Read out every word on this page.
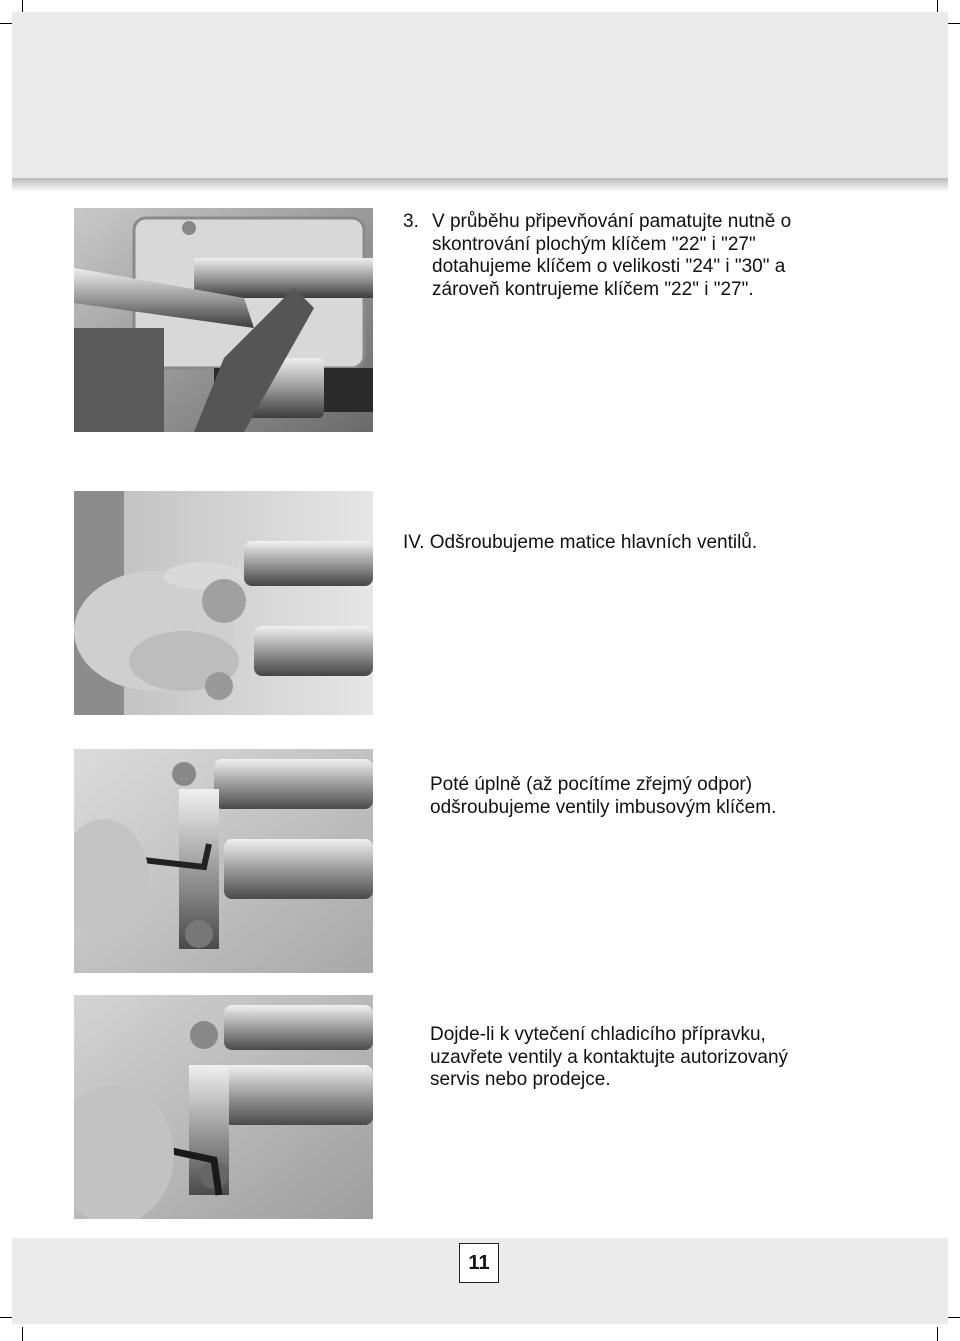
3. V průběhu připevňování pamatujte nutně o
skontrování plochým klíčem "22" i "27"
dotahujeme klíčem o velikosti "24" i "30" a
zároveň kontrujeme klíčem "22" i "27".
IV. Odšroubujeme matice hlavních ventilů.
Poté úplně (až pocítíme zřejmý odpor)
odšroubujeme ventily imbusovým klíčem.
Dojde-li k vytečení chladicího přípravku,
uzavřete ventily a kontaktujte autorizovaný
servis nebo prodejce.
11
